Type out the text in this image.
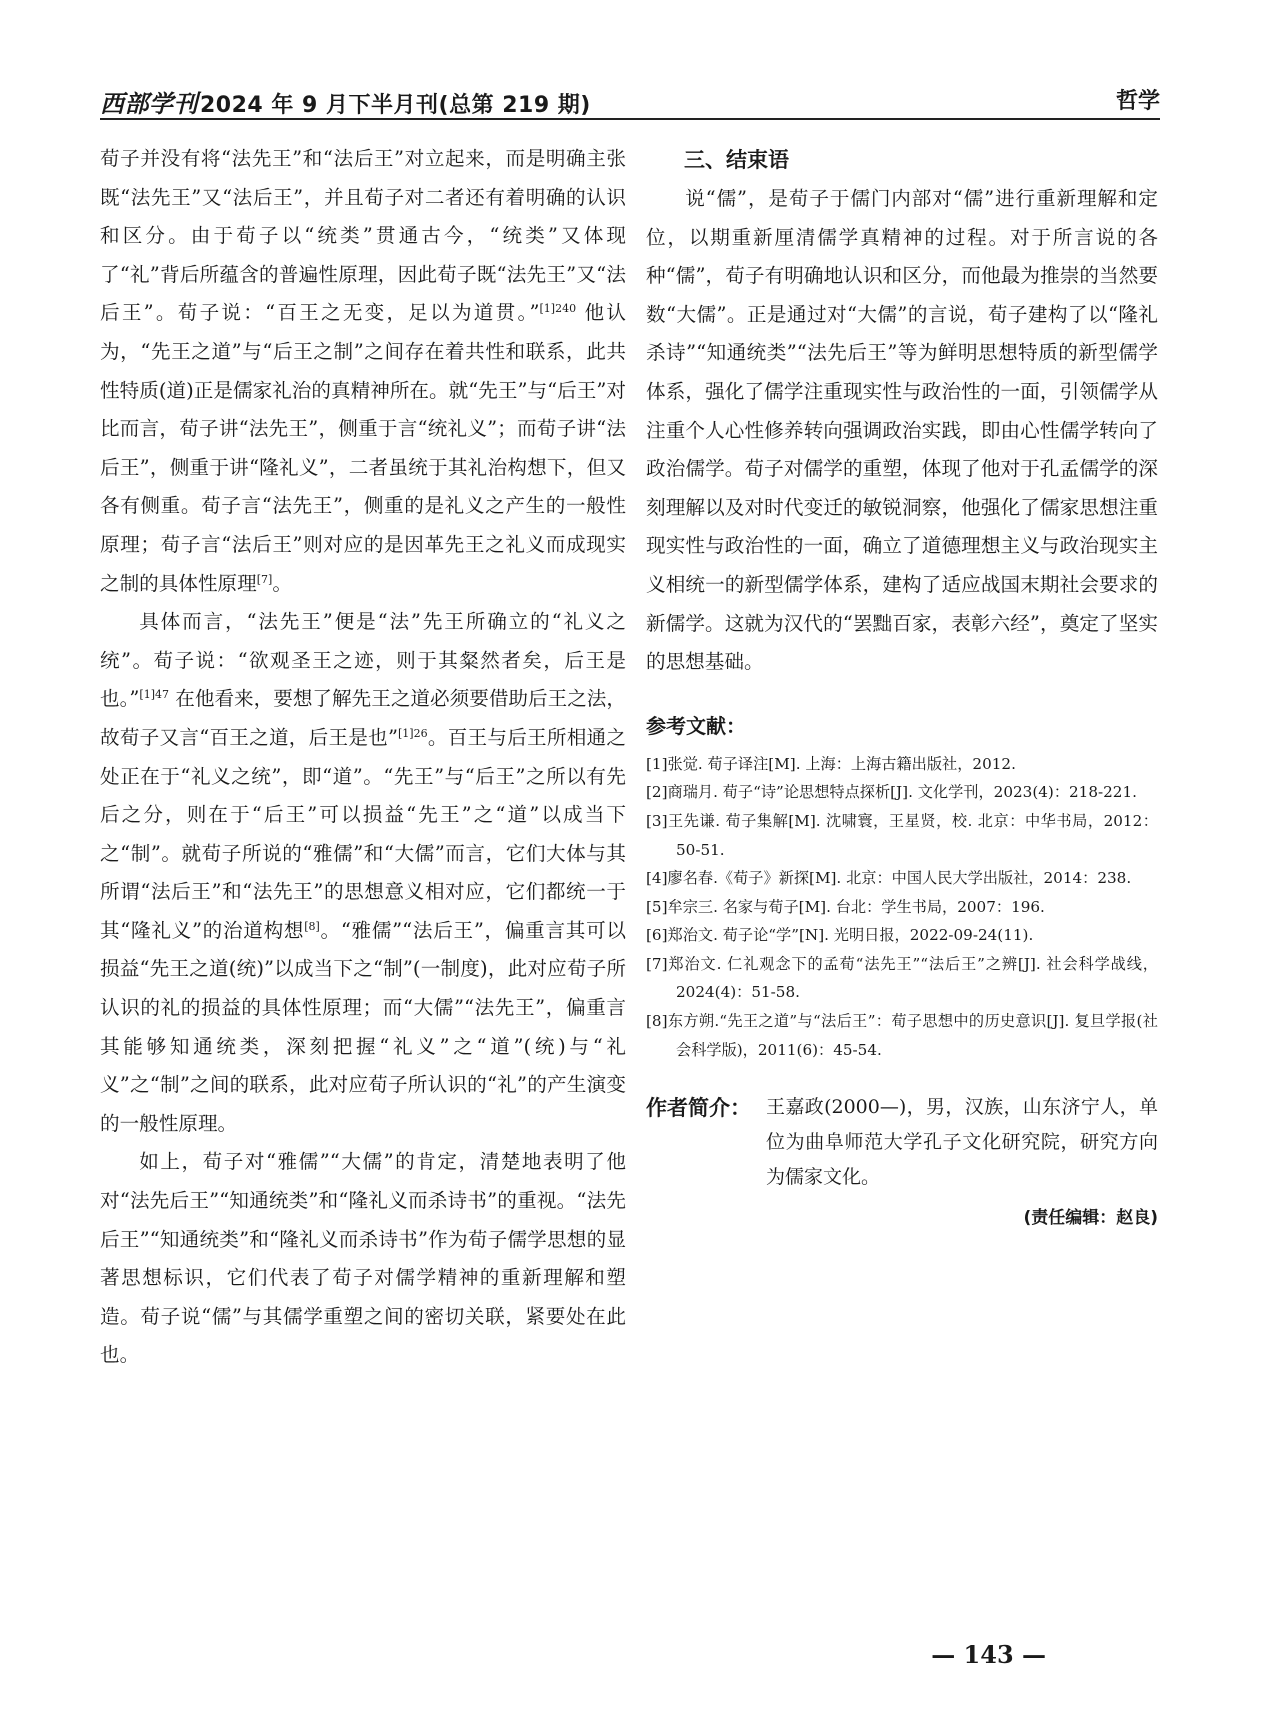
西部学刊2024 年 9 月下半月刊(总第 219 期)	哲学

荀子并没有将“法先王”和“法后王”对立起来，而是明确主张既“法先王”又“法后王”，并且荀子对二者还有着明确的认识和区分。由于荀子以“统类”贯通古今，“统类”又体现了“礼”背后所蕴含的普遍性原理，因此荀子既“法先王”又“法后王”。荀子说：“百王之无变，足以为道贯。”$^{[1]240}$ 他认为，“先王之道”与“后王之制”之间存在着共性和联系，此共性特质(道)正是儒家礼治的真精神所在。就“先王”与“后王”对比而言，荀子讲“法先王”，侧重于言“统礼义”；而荀子讲“法后王”，侧重于讲“隆礼义”，二者虽统于其礼治构想下，但又各有侧重。荀子言“法先王”，侧重的是礼义之产生的一般性原理；荀子言“法后王”则对应的是因革先王之礼义而成现实之制的具体性原理[7]。

具体而言，“法先王”便是“法”先王所确立的“礼义之统”。荀子说：“欲观圣王之迹，则于其粲然者矣，后王是也。”$^{[1]47}$ 在他看来，要想了解先王之道必须要借助后王之法，故荀子又言“百王之道，后王是也”$^{[1]26}$。百王与后王所相通之处正在于“礼义之统”，即“道”。“先王”与“后王”之所以有先后之分，则在于“后王”可以损益“先王”之“道”以成当下之“制”。就荀子所说的“雅儒”和“大儒”而言，它们大体与其所谓“法后王”和“法先王”的思想意义相对应，它们都统一于其“隆礼义”的治道构想[8]。“雅儒”“法后王”，偏重言其可以损益“先王之道(统)”以成当下之“制”(一制度)，此对应荀子所认识的礼的损益的具体性原理；而“大儒”“法先王”，偏重言其能够知通统类，深刻把握“礼义”之“道”(统)与“礼义”之“制”之间的联系，此对应荀子所认识的“礼”的产生演变的一般性原理。

如上，荀子对“雅儒”“大儒”的肯定，清楚地表明了他对“法先后王”“知通统类”和“隆礼义而杀诗书”的重视。“法先后王”“知通统类”和“隆礼义而杀诗书”作为荀子儒学思想的显著思想标识，它们代表了荀子对儒学精神的重新理解和塑造。荀子说“儒”与其儒学重塑之间的密切关联，紧要处在此也。

三、结束语

说“儒”，是荀子于儒门内部对“儒”进行重新理解和定位，以期重新厘清儒学真精神的过程。对于所言说的各种“儒”，荀子有明确地认识和区分，而他最为推崇的当然要数“大儒”。正是通过对“大儒”的言说，荀子建构了以“隆礼杀诗”“知通统类”“法先后王”等为鲜明思想特质的新型儒学体系，强化了儒学注重现实性与政治性的一面，引领儒学从注重个人心性修养转向强调政治实践，即由心性儒学转向了政治儒学。荀子对儒学的重塑，体现了他对于孔孟儒学的深刻理解以及对时代变迁的敏锐洞察，他强化了儒家思想注重现实性与政治性的一面，确立了道德理想主义与政治现实主义相统一的新型儒学体系，建构了适应战国末期社会要求的新儒学。这就为汉代的“罢黜百家，表彰六经”，奠定了坚实的思想基础。

参考文献：
[1]张觉. 荀子译注[M]. 上海：上海古籍出版社，2012.
[2]商瑞月. 荀子“诗”论思想特点探析[J]. 文化学刊，2023(4)：218-221.
[3]王先谦. 荀子集解[M]. 沈啸寰，王星贤，校. 北京：中华书局，2012：50-51.
[4]廖名春.《荀子》新探[M]. 北京：中国人民大学出版社，2014：238.
[5]牟宗三. 名家与荀子[M]. 台北：学生书局，2007：196.
[6]郑治文. 荀子论“学”[N]. 光明日报，2022-09-24(11).
[7]郑治文. 仁礼观念下的孟荀“法先王”“法后王”之辨[J]. 社会科学战线，2024(4)：51-58.
[8]东方朔.“先王之道”与“法后王”：荀子思想中的历史意识[J]. 复旦学报(社会科学版)，2011(6)：45-54.
作者简介： 王嘉政(2000—)，男，汉族，山东济宁人，单位为曲阜师范大学孔子文化研究院，研究方向为儒家文化。
(责任编辑：赵良)
— 143 —
